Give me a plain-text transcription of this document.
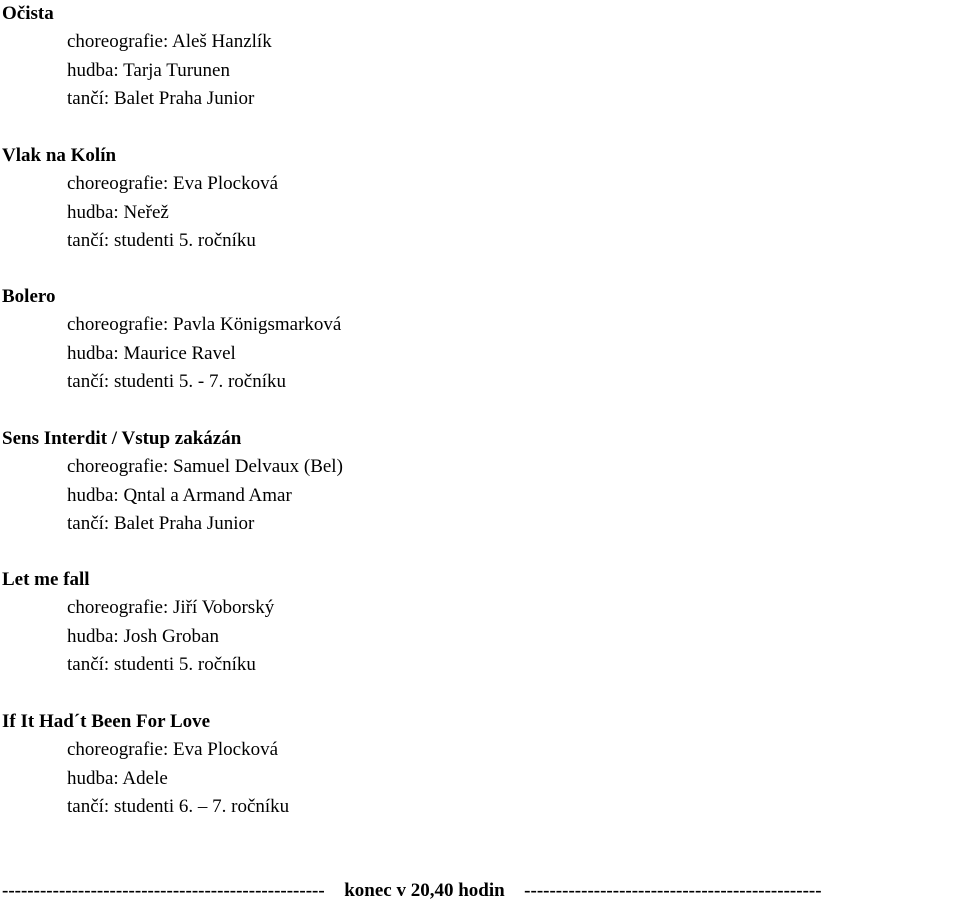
Očista
choreografie: Aleš Hanzlík
hudba: Tarja Turunen
tančí: Balet Praha Junior
Vlak na Kolín
choreografie: Eva Plocková
hudba: Neřež
tančí: studenti 5. ročníku
Bolero
choreografie: Pavla Königsmarková
hudba: Maurice Ravel
tančí: studenti 5. - 7. ročníku
Sens Interdit / Vstup zakázán
choreografie: Samuel Delvaux (Bel)
hudba: Qntal a Armand Amar
tančí: Balet Praha Junior
Let me fall
choreografie: Jiří Voborský
hudba: Josh Groban
tančí: studenti 5. ročníku
If It Had´t Been For Love
choreografie: Eva Plocková
hudba: Adele
tančí: studenti 6. – 7. ročníku
--------------------------------------------------- konec v 20,40 hodin -----------------------------------------------
